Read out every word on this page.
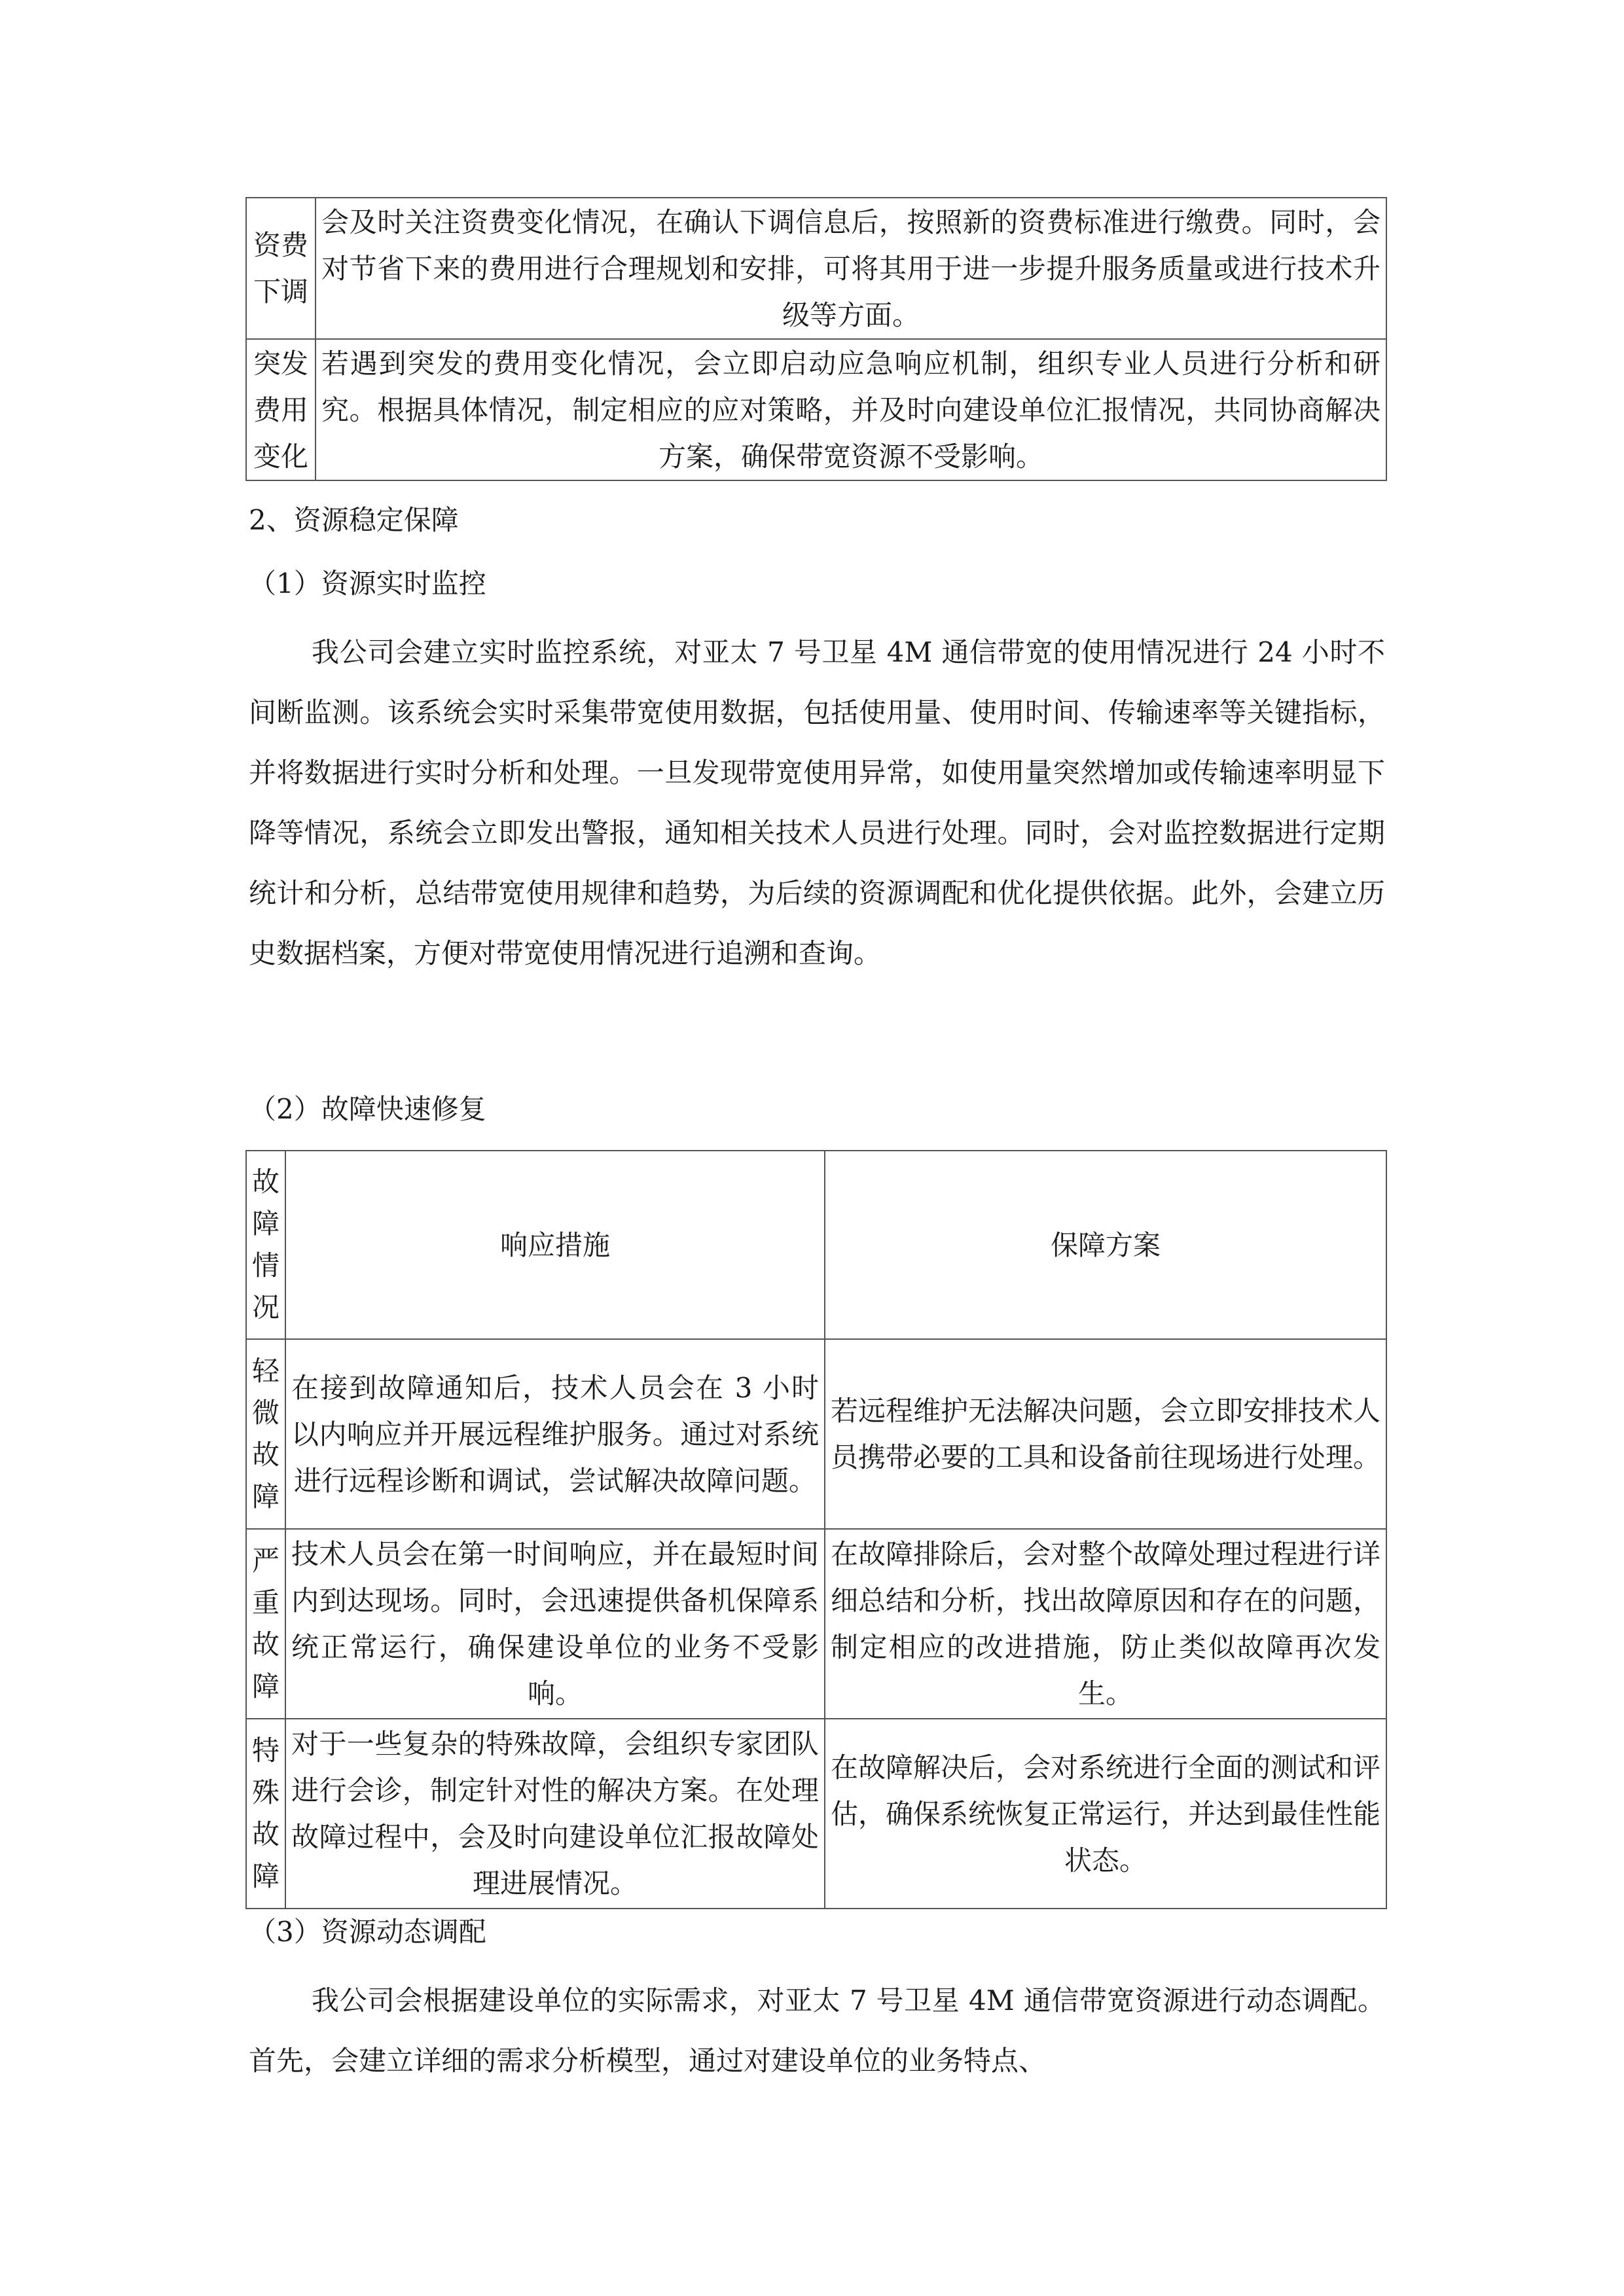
资费下调	会及时关注资费变化情况，在确认下调信息后，按照新的资费标准进行缴费。同时，会对节省下来的费用进行合理规划和安排，可将其用于进一步提升服务质量或进行技术升级等方面。
突发费用变化	若遇到突发的费用变化情况，会立即启动应急响应机制，组织专业人员进行分析和研究。根据具体情况，制定相应的应对策略，并及时向建设单位汇报情况，共同协商解决方案，确保带宽资源不受影响。
2、资源稳定保障
（1）资源实时监控

我公司会建立实时监控系统，对亚太 7 号卫星 4M 通信带宽的使用情况进行 24 小时不间断监测。该系统会实时采集带宽使用数据，包括使用量、使用时间、传输速率等关键指标，并将数据进行实时分析和处理。一旦发现带宽使用异常，如使用量突然增加或传输速率明显下降等情况，系统会立即发出警报，通知相关技术人员进行处理。同时，会对监控数据进行定期统计和分析，总结带宽使用规律和趋势，为后续的资源调配和优化提供依据。此外，会建立历史数据档案，方便对带宽使用情况进行追溯和查询。

（2）故障快速修复
故障情况	响应措施	保障方案
轻微故障	在接到故障通知后，技术人员会在 3 小时以内响应并开展远程维护服务。通过对系统进行远程诊断和调试，尝试解决故障问题。	若远程维护无法解决问题，会立即安排技术人员携带必要的工具和设备前往现场进行处理。
严重故障	技术人员会在第一时间响应，并在最短时间内到达现场。同时，会迅速提供备机保障系统正常运行，确保建设单位的业务不受影响。	在故障排除后，会对整个故障处理过程进行详细总结和分析，找出故障原因和存在的问题，制定相应的改进措施，防止类似故障再次发生。
特殊故障	对于一些复杂的特殊故障，会组织专家团队进行会诊，制定针对性的解决方案。在处理故障过程中，会及时向建设单位汇报故障处理进展情况。	在故障解决后，会对系统进行全面的测试和评估，确保系统恢复正常运行，并达到最佳性能状态。
（3）资源动态调配

我公司会根据建设单位的实际需求，对亚太 7 号卫星 4M 通信带宽资源进行动态调配。首先，会建立详细的需求分析模型，通过对建设单位的业务特点、
